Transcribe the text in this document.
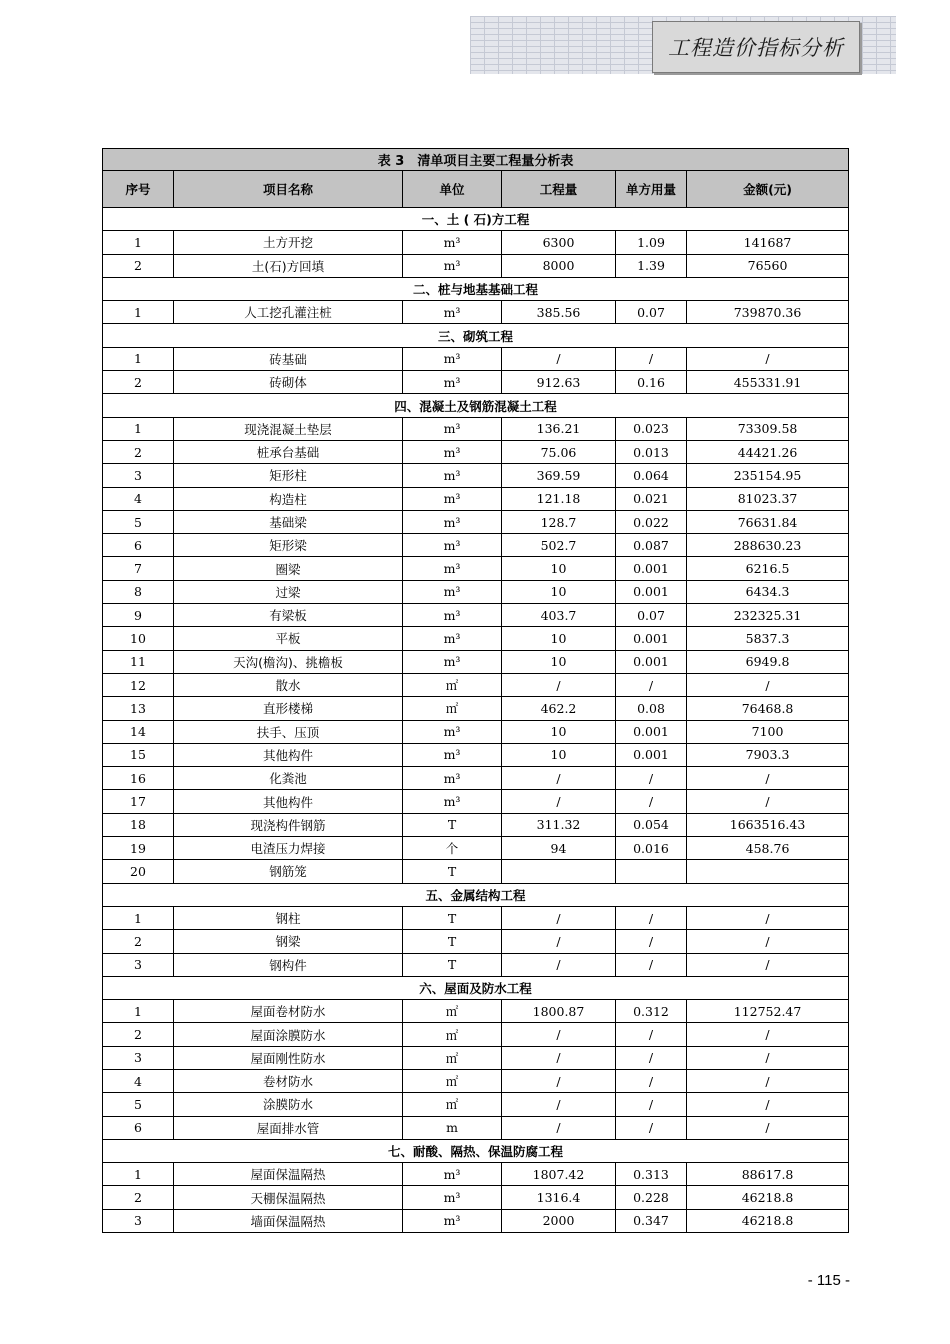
工程造价指标分析
表 3　清单项目主要工程量分析表					
序号	项目名称	单位	工程量	单方用量	金额(元)
一、土 ( 石)方工程					
1	土方开挖	m³	6300	1.09	141687
2	土(石)方回填	m³	8000	1.39	76560
二、桩与地基基础工程					
1	人工挖孔灌注桩	m³	385.56	0.07	739870.36
三、砌筑工程					
1	砖基础	m³	/	/	/
2	砖砌体	m³	912.63	0.16	455331.91
四、混凝土及钢筋混凝土工程					
1	现浇混凝土垫层	m³	136.21	0.023	73309.58
2	桩承台基础	m³	75.06	0.013	44421.26
3	矩形柱	m³	369.59	0.064	235154.95
4	构造柱	m³	121.18	0.021	81023.37
5	基础梁	m³	128.7	0.022	76631.84
6	矩形梁	m³	502.7	0.087	288630.23
7	圈梁	m³	10	0.001	6216.5
8	过梁	m³	10	0.001	6434.3
9	有梁板	m³	403.7	0.07	232325.31
10	平板	m³	10	0.001	5837.3
11	天沟(檐沟)、挑檐板	m³	10	0.001	6949.8
12	散水	㎡	/	/	/
13	直形楼梯	㎡	462.2	0.08	76468.8
14	扶手、压顶	m³	10	0.001	7100
15	其他构件	m³	10	0.001	7903.3
16	化粪池	m³	/	/	/
17	其他构件	m³	/	/	/
18	现浇构件钢筋	T	311.32	0.054	1663516.43
19	电渣压力焊接	个	94	0.016	458.76
20	钢筋笼	T			
五、金属结构工程					
1	钢柱	T	/	/	/
2	钢梁	T	/	/	/
3	钢构件	T	/	/	/
六、屋面及防水工程					
1	屋面卷材防水	㎡	1800.87	0.312	112752.47
2	屋面涂膜防水	㎡	/	/	/
3	屋面刚性防水	㎡	/	/	/
4	卷材防水	㎡	/	/	/
5	涂膜防水	㎡	/	/	/
6	屋面排水管	m	/	/	/
七、耐酸、隔热、保温防腐工程					
1	屋面保温隔热	m³	1807.42	0.313	88617.8
2	天棚保温隔热	m³	1316.4	0.228	46218.8
3	墙面保温隔热	m³	2000	0.347	46218.8
- 115 -
